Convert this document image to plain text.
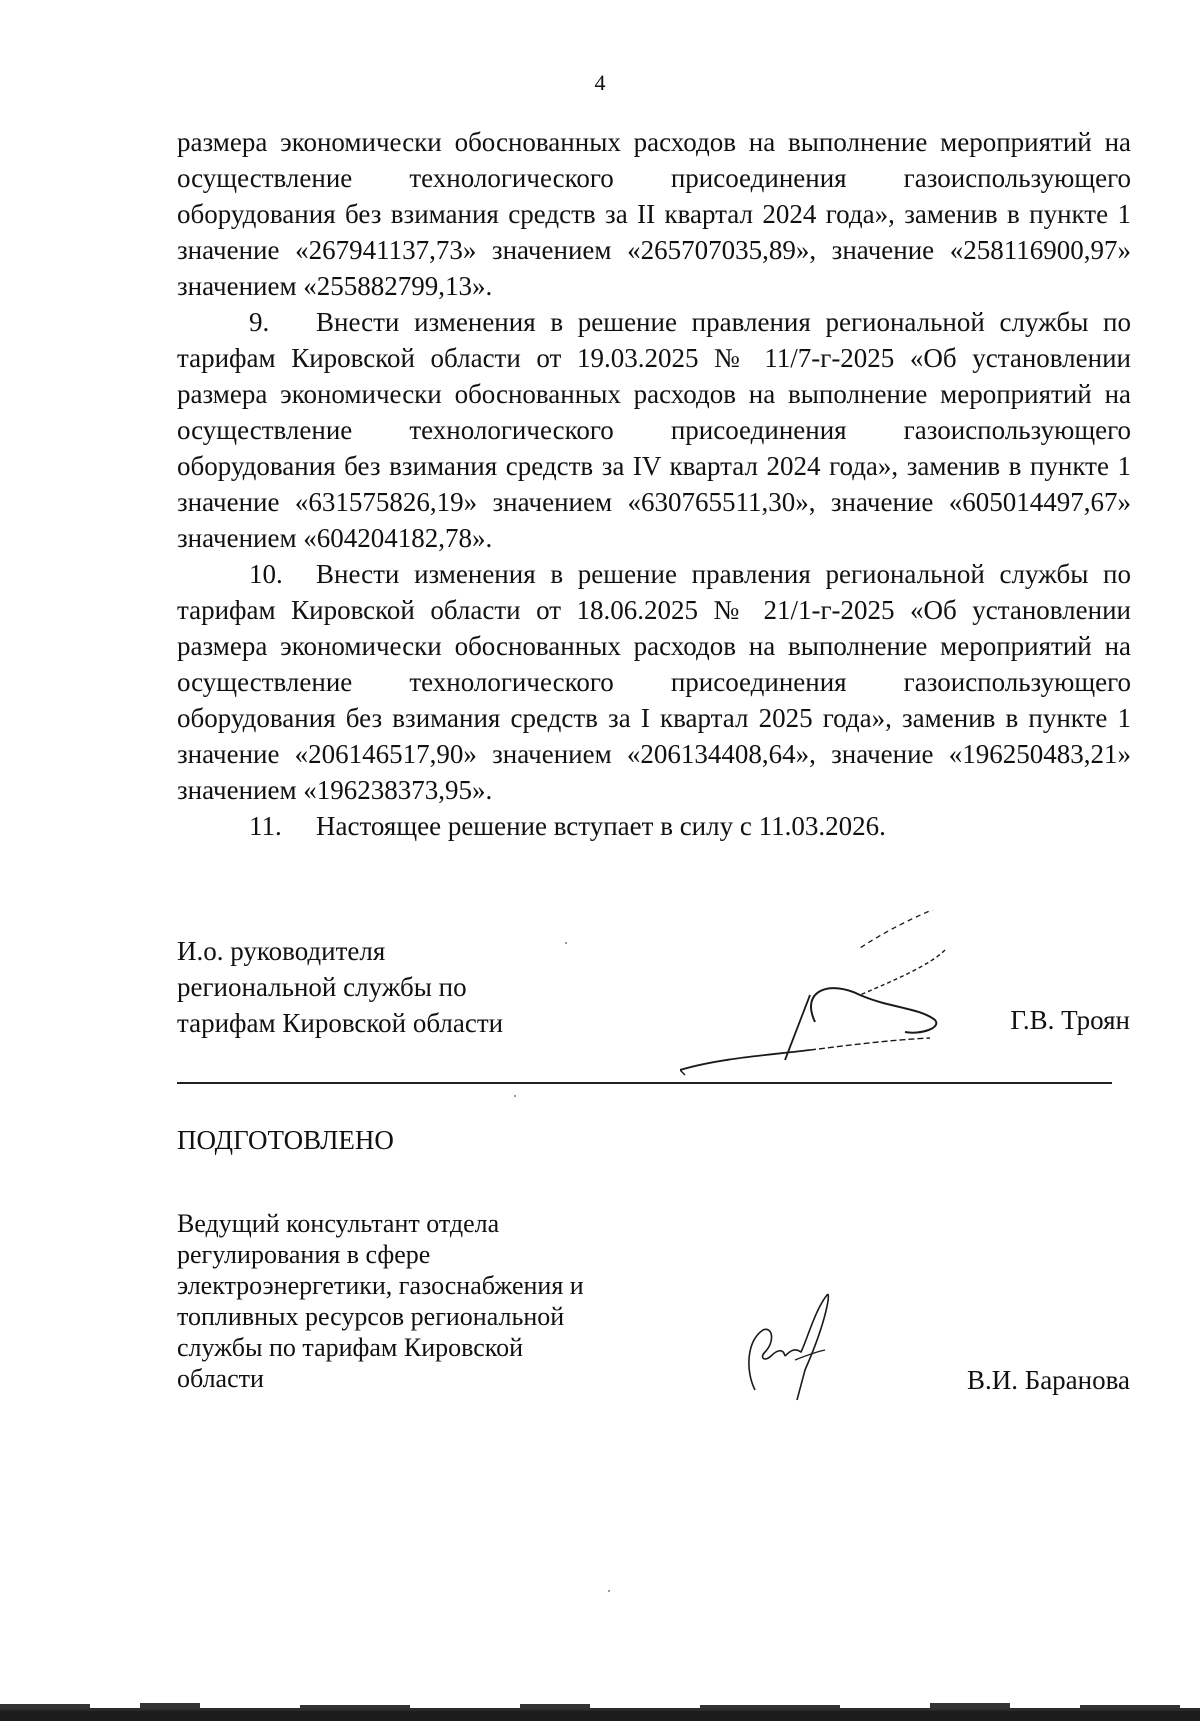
4

размера экономически обоснованных расходов на выполнение мероприятий на осуществление технологического присоединения газоиспользующего оборудования без взимания средств за II квартал 2024 года», заменив в пункте 1 значение «267941137,73» значением «265707035,89», значение «258116900,97» значением «255882799,13».

9. Внести изменения в решение правления региональной службы по тарифам Кировской области от 19.03.2025 № 11/7-г-2025 «Об установлении размера экономически обоснованных расходов на выполнение мероприятий на осуществление технологического присоединения газоиспользующего оборудования без взимания средств за IV квартал 2024 года», заменив в пункте 1 значение «631575826,19» значением «630765511,30», значение «605014497,67» значением «604204182,78».

10. Внести изменения в решение правления региональной службы по тарифам Кировской области от 18.06.2025 № 21/1-г-2025 «Об установлении размера экономически обоснованных расходов на выполнение мероприятий на осуществление технологического присоединения газоиспользующего оборудования без взимания средств за I квартал 2025 года», заменив в пункте 1 значение «206146517,90» значением «206134408,64», значение «196250483,21» значением «196238373,95».

11. Настоящее решение вступает в силу с 11.03.2026.

И.о. руководителя
региональной службы по
тарифам Кировской области	Г.В. Троян
ПОДГОТОВЛЕНО
Ведущий консультант отдела
регулирования в сфере
электроэнергетики, газоснабжения и
топливных ресурсов региональной
службы по тарифам Кировской
области	В.И. Баранова
